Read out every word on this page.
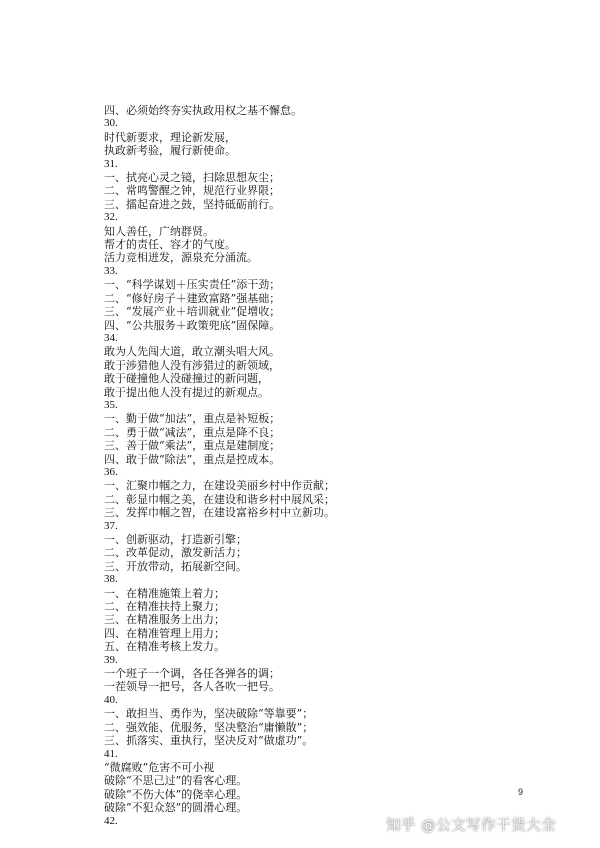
四、必须始终夯实执政用权之基不懈怠。
30.
时代新要求，理论新发展，
执政新考验，履行新使命。
31.
一、拭亮心灵之镜，扫除思想灰尘；
二、常鸣警醒之钟，规范行业界限；
三、擂起奋进之鼓，坚持砥砺前行。
32.
知人善任，广纳群贤。
帮才的责任、容才的气度。
活力竞相迸发，源泉充分涌流。
33.
一、“科学谋划＋压实责任”添干劲；
二、“修好房子＋建致富路”强基础；
三、“发展产业＋培训就业”促增收；
四、“公共服务＋政策兜底”固保障。
34.
敢为人先闯大道，敢立潮头唱大风。
敢于涉猎他人没有涉猎过的新领域，
敢于碰撞他人没碰撞过的新问题，
敢于提出他人没有提过的新观点。
35.
一、勤于做“加法”，重点是补短板；
二、勇于做“减法”，重点是降不良；
三、善于做“乘法”，重点是建制度；
四、敢于做“除法”，重点是控成本。
36.
一、汇聚巾帼之力，在建设美丽乡村中作贡献；
二、彰显巾帼之美，在建设和谐乡村中展风采；
三、发挥巾帼之智，在建设富裕乡村中立新功。
37.
一、创新驱动，打造新引擎；
二、改革促动，激发新活力；
三、开放带动，拓展新空间。
38.
一、在精准施策上着力；
二、在精准扶持上聚力；
三、在精准服务上出力；
四、在精准管理上用力；
五、在精准考核上发力。
39.
一个班子一个调，各任各弹各的调；
一茬领导一把号，各人各吹一把号。
40.
一、敢担当、勇作为，坚决破除“等靠要”；
二、强效能、优服务，坚决整治“庸懒散”；
三、抓落实、重执行，坚决反对“做虚功”。
41.
“微腐败”危害不可小视
破除“不思己过”的看客心理。
破除“不伤大体”的侥幸心理。
破除“不犯众怒”的圆滑心理。
42.
9
知乎 @公文写作干货大全
